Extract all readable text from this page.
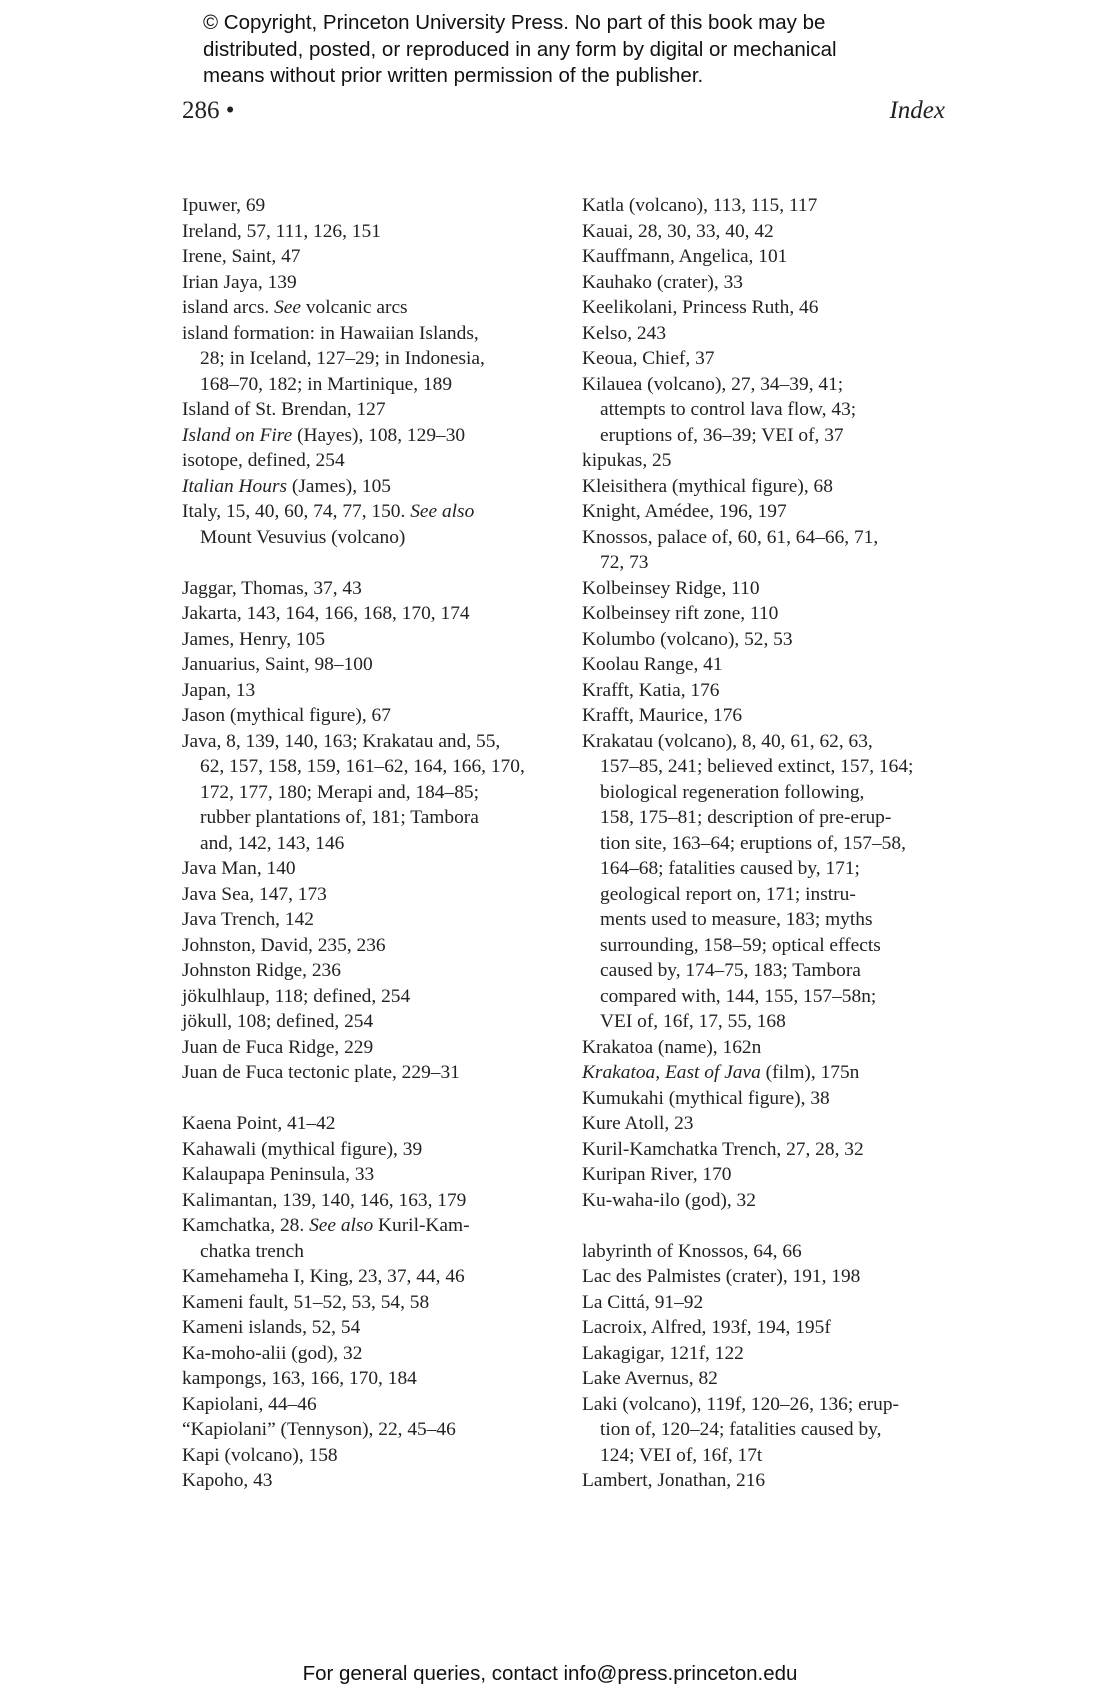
© Copyright, Princeton University Press. No part of this book may be
distributed, posted, or reproduced in any form by digital or mechanical
means without prior written permission of the publisher.
286 •	Index
Ipuwer, 69
Ireland, 57, 111, 126, 151
Irene, Saint, 47
Irian Jaya, 139
island arcs. See volcanic arcs
island formation: in Hawaiian Islands,
28; in Iceland, 127–29; in Indonesia,
168–70, 182; in Martinique, 189
Island of St. Brendan, 127
Island on Fire (Hayes), 108, 129–30
isotope, defined, 254
Italian Hours (James), 105
Italy, 15, 40, 60, 74, 77, 150. See also
Mount Vesuvius (volcano)
Jaggar, Thomas, 37, 43
Jakarta, 143, 164, 166, 168, 170, 174
James, Henry, 105
Januarius, Saint, 98–100
Japan, 13
Jason (mythical figure), 67
Java, 8, 139, 140, 163; Krakatau and, 55,
62, 157, 158, 159, 161–62, 164, 166, 170,
172, 177, 180; Merapi and, 184–85;
rubber plantations of, 181; Tambora
and, 142, 143, 146
Java Man, 140
Java Sea, 147, 173
Java Trench, 142
Johnston, David, 235, 236
Johnston Ridge, 236
jökulhlaup, 118; defined, 254
jökull, 108; defined, 254
Juan de Fuca Ridge, 229
Juan de Fuca tectonic plate, 229–31
Kaena Point, 41–42
Kahawali (mythical figure), 39
Kalaupapa Peninsula, 33
Kalimantan, 139, 140, 146, 163, 179
Kamchatka, 28. See also Kuril-Kam-
chatka trench
Kamehameha I, King, 23, 37, 44, 46
Kameni fault, 51–52, 53, 54, 58
Kameni islands, 52, 54
Ka-moho-alii (god), 32
kampongs, 163, 166, 170, 184
Kapiolani, 44–46
“Kapiolani” (Tennyson), 22, 45–46
Kapi (volcano), 158
Kapoho, 43
Katla (volcano), 113, 115, 117
Kauai, 28, 30, 33, 40, 42
Kauffmann, Angelica, 101
Kauhako (crater), 33
Keelikolani, Princess Ruth, 46
Kelso, 243
Keoua, Chief, 37
Kilauea (volcano), 27, 34–39, 41;
attempts to control lava flow, 43;
eruptions of, 36–39; VEI of, 37
kipukas, 25
Kleisithera (mythical figure), 68
Knight, Amédee, 196, 197
Knossos, palace of, 60, 61, 64–66, 71,
72, 73
Kolbeinsey Ridge, 110
Kolbeinsey rift zone, 110
Kolumbo (volcano), 52, 53
Koolau Range, 41
Krafft, Katia, 176
Krafft, Maurice, 176
Krakatau (volcano), 8, 40, 61, 62, 63,
157–85, 241; believed extinct, 157, 164;
biological regeneration following,
158, 175–81; description of pre-erup-
tion site, 163–64; eruptions of, 157–58,
164–68; fatalities caused by, 171;
geological report on, 171; instru-
ments used to measure, 183; myths
surrounding, 158–59; optical effects
caused by, 174–75, 183; Tambora
compared with, 144, 155, 157–58n;
VEI of, 16f, 17, 55, 168
Krakatoa (name), 162n
Krakatoa, East of Java (film), 175n
Kumukahi (mythical figure), 38
Kure Atoll, 23
Kuril-Kamchatka Trench, 27, 28, 32
Kuripan River, 170
Ku-waha-ilo (god), 32
labyrinth of Knossos, 64, 66
Lac des Palmistes (crater), 191, 198
La Cittá, 91–92
Lacroix, Alfred, 193f, 194, 195f
Lakagigar, 121f, 122
Lake Avernus, 82
Laki (volcano), 119f, 120–26, 136; erup-
tion of, 120–24; fatalities caused by,
124; VEI of, 16f, 17t
Lambert, Jonathan, 216
For general queries, contact info@press.princeton.edu
